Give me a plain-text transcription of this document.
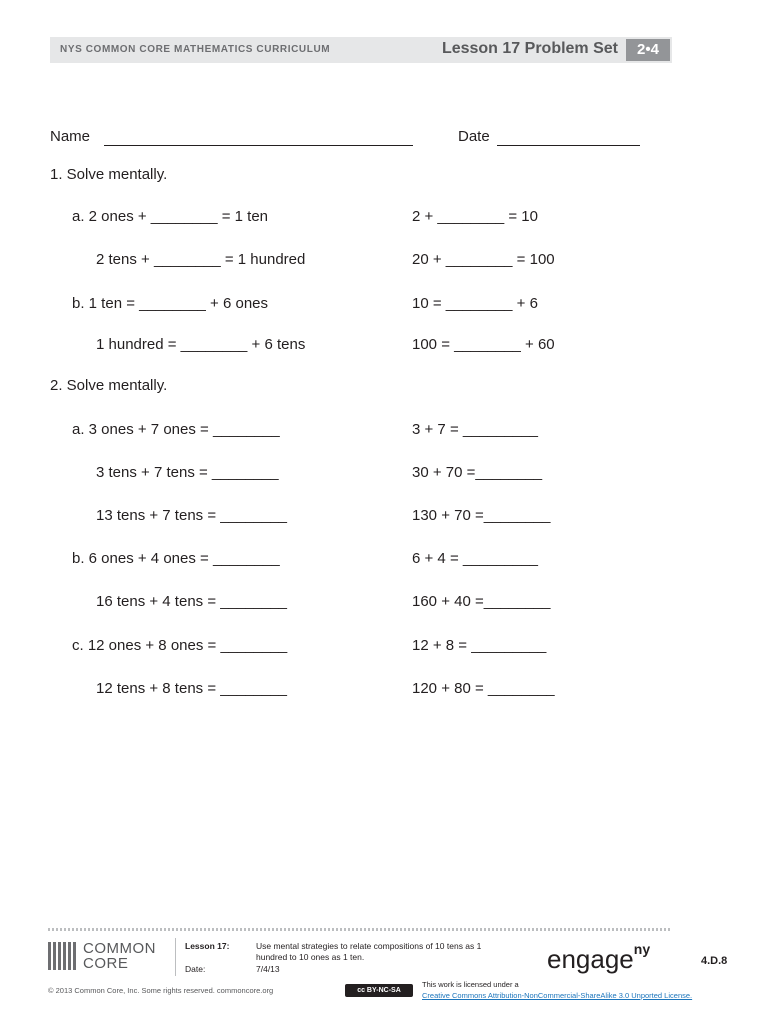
NYS COMMON CORE MATHEMATICS CURRICULUM	Lesson 17 Problem Set	2•4
Name	Date
1. Solve mentally.
a. 2 ones + ________ = 1 ten	2 + ________ = 10
2 tens + ________ = 1 hundred	20 + ________ = 100
b. 1 ten = ________ + 6 ones	10 = ________ + 6
1 hundred = ________ + 6 tens	100 = ________ + 60
2. Solve mentally.
a. 3 ones + 7 ones = ________	3 + 7 = _________
3 tens + 7 tens = ________	30 + 70 =________
13 tens + 7 tens = ________	130 + 70 =________
b. 6 ones + 4 ones = ________	6 + 4 = _________
16 tens + 4 tens = ________	160 + 40 =________
c. 12 ones + 8 ones = ________	12 + 8 = _________
12 tens + 8 tens = ________	120 + 80 = ________
COMMON
CORE
Lesson 17:
Date:
Use mental strategies to relate compositions of 10 tens as 1
hundred to 10 ones as 1 ten.
7/4/13
© 2013 Common Core, Inc. Some rights reserved. commoncore.org
engage$^{ny}$
4.D.8
cc BY-NC-SA
This work is licensed under a
Creative Commons Attribution-NonCommercial-ShareAlike 3.0 Unported License.
